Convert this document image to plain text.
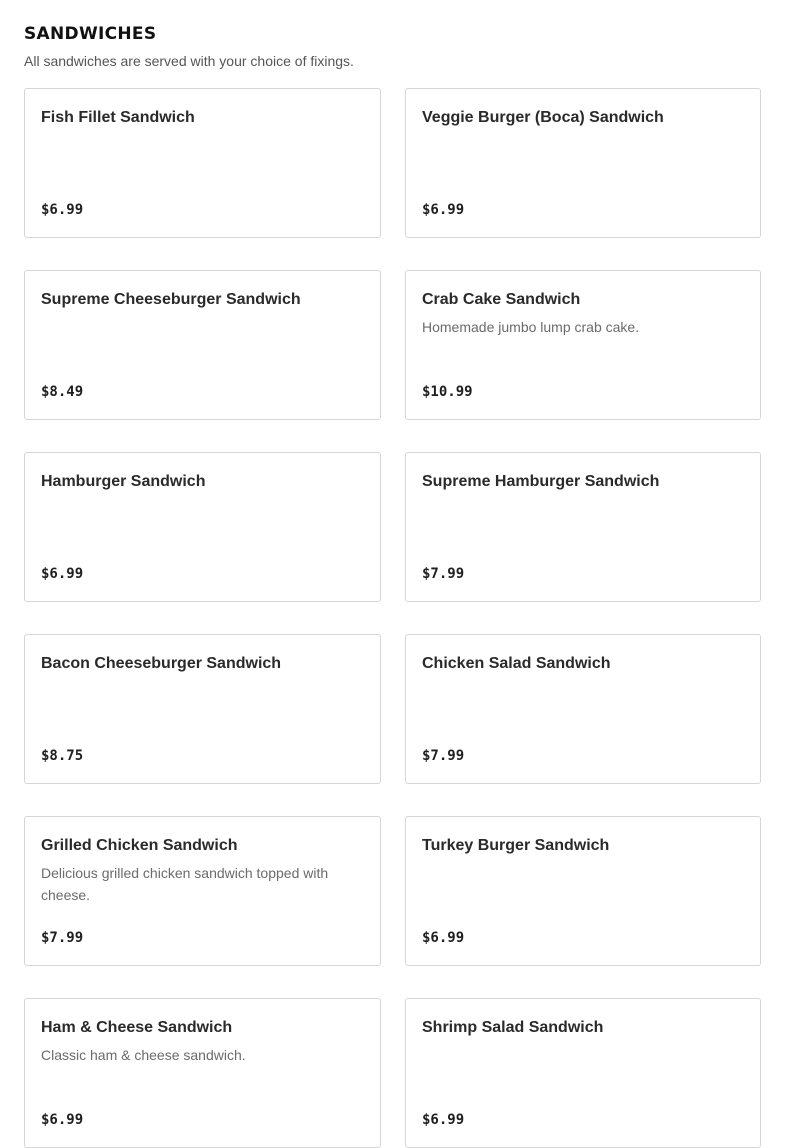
SANDWICHES

All sandwiches are served with your choice of fixings.

Fish Fillet Sandwich
$6.99
Veggie Burger (Boca) Sandwich
$6.99
Supreme Cheeseburger Sandwich
$8.49
Crab Cake Sandwich
Homemade jumbo lump crab cake.
$10.99
Hamburger Sandwich
$6.99
Supreme Hamburger Sandwich
$7.99
Bacon Cheeseburger Sandwich
$8.75
Chicken Salad Sandwich
$7.99
Grilled Chicken Sandwich
Delicious grilled chicken sandwich topped with cheese.
$7.99
Turkey Burger Sandwich
$6.99
Ham & Cheese Sandwich
Classic ham & cheese sandwich.
$6.99
Shrimp Salad Sandwich
$6.99
